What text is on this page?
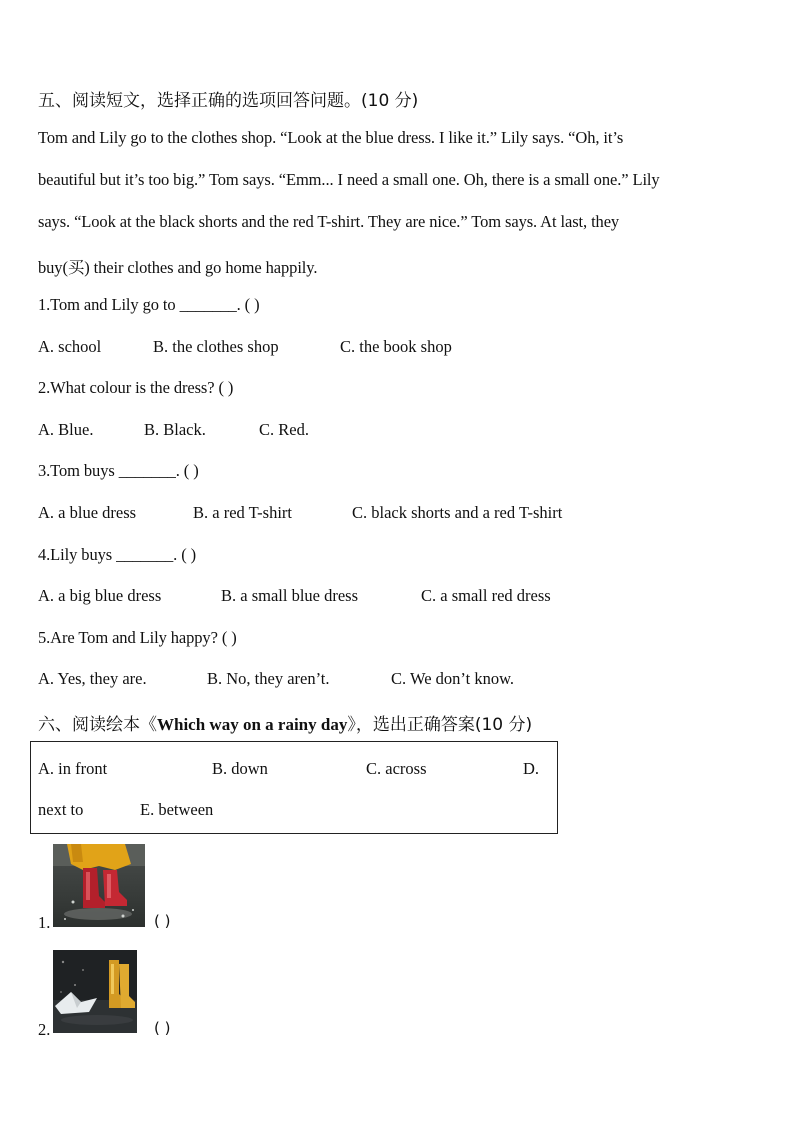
五、阅读短文，选择正确的选项回答问题。(10 分)
Tom and Lily go to the clothes shop. “Look at the blue dress. I like it.” Lily says. “Oh, it’s
beautiful but it’s too big.” Tom says. “Emm... I need a small one. Oh, there is a small one.” Lily
says. “Look at the black shorts and the red T-shirt. They are nice.” Tom says. At last, they
buy(买) their clothes and go home happily.
1.Tom and Lily go to _______. ( )
A. school	B. the clothes shop	C. the book shop
2.What colour is the dress? ( )
A. Blue.	B. Black.	C. Red.
3.Tom buys _______. ( )
A. a blue dress	B. a red T-shirt	C. black shorts and a red T-shirt
4.Lily buys _______. ( )
A. a big blue dress	B. a small blue dress	C. a small red dress
5.Are Tom and Lily happy? ( )
A. Yes, they are.	B. No, they aren’t.	C. We don’t know.
六、阅读绘本《Which way on a rainy day》，选出正确答案(10 分)
A. in front	B. down	C. across	D.
next to	E. between
1.	( )
2.	( )
